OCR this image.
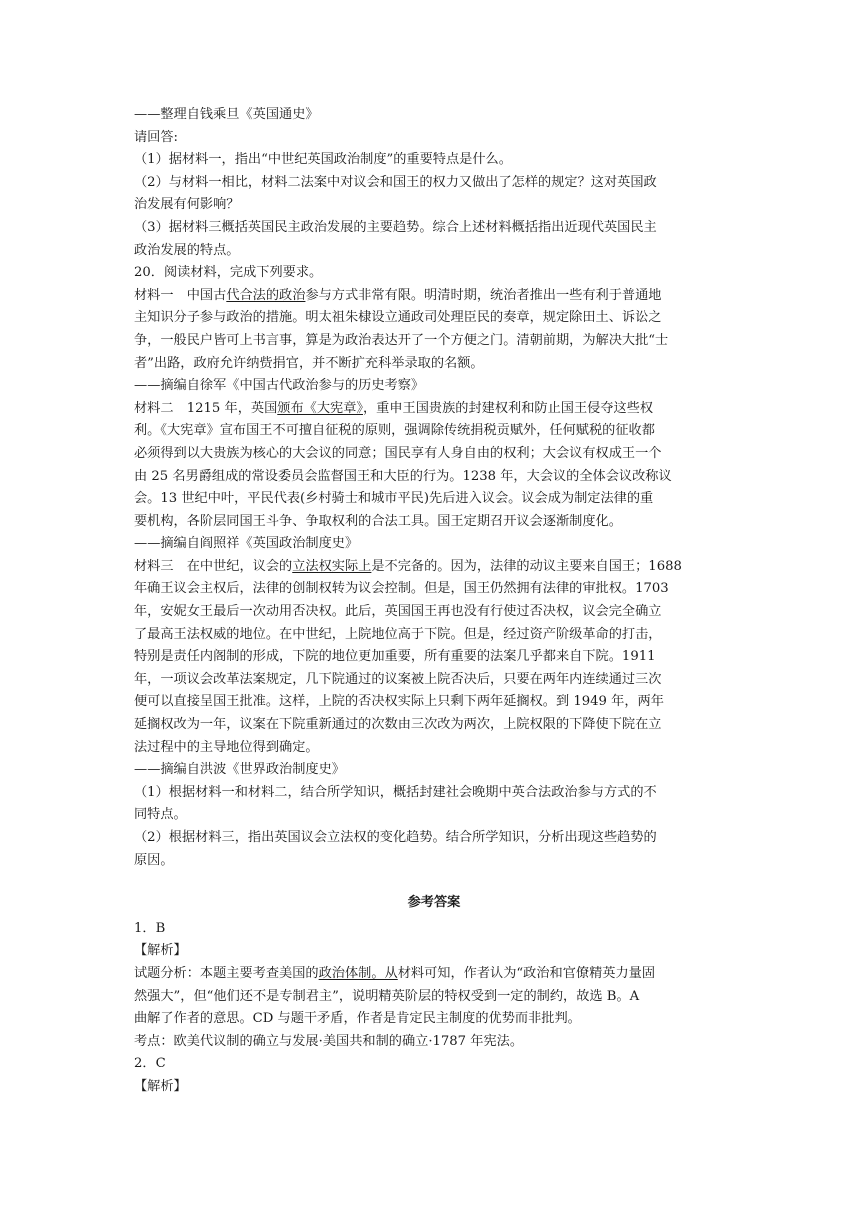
——整理自钱乘旦《英国通史》
请回答:
（1）据材料一，指出“中世纪英国政治制度”的重要特点是什么。
（2）与材料一相比，材料二法案中对议会和国王的权力又做出了怎样的规定？这对英国政
治发展有何影响？
（3）据材料三概括英国民主政治发展的主要趋势。综合上述材料概括指出近现代英国民主
政治发展的特点。
20．阅读材料，完成下列要求。
材料一　中国古代合法的政治参与方式非常有限。明清时期，统治者推出一些有利于普通地
主知识分子参与政治的措施。明太祖朱棣设立通政司处理臣民的奏章，规定除田土、诉讼之
争，一般民户皆可上书言事，算是为政治表达开了一个方便之门。清朝前期，为解决大批“士
者”出路，政府允许纳赀捐官，并不断扩充科举录取的名额。
——摘编自徐军《中国古代政治参与的历史考察》
材料二　1215 年，英国颁布《大宪章》，重申王国贵族的封建权利和防止国王侵夺这些权
利。《大宪章》宣布国王不可擅自征税的原则，强调除传统捐税贡赋外，任何赋税的征收都
必须得到以大贵族为核心的大会议的同意；国民享有人身自由的权利；大会议有权成王一个
由 25 名男爵组成的常设委员会监督国王和大臣的行为。1238 年，大会议的全体会议改称议
会。13 世纪中叶，平民代表(乡村骑士和城市平民)先后进入议会。议会成为制定法律的重
要机构，各阶层同国王斗争、争取权利的合法工具。国王定期召开议会逐渐制度化。
——摘编自阎照祥《英国政治制度史》
材料三　在中世纪，议会的立法权实际上是不完备的。因为，法律的动议主要来自国王；1688
年确王议会主权后，法律的创制权转为议会控制。但是，国王仍然拥有法律的审批权。1703
年，安妮女王最后一次动用否决权。此后，英国国王再也没有行使过否决权，议会完全确立
了最高王法权威的地位。在中世纪，上院地位高于下院。但是，经过资产阶级革命的打击，
特别是责任内阁制的形成，下院的地位更加重要，所有重要的法案几乎都来自下院。1911
年，一项议会改革法案规定，几下院通过的议案被上院否决后，只要在两年内连续通过三次
便可以直接呈国王批准。这样，上院的否决权实际上只剩下两年延搁权。到 1949 年，两年
延搁权改为一年，议案在下院重新通过的次数由三次改为两次，上院权限的下降使下院在立
法过程中的主导地位得到确定。
——摘编自洪波《世界政治制度史》
（1）根据材料一和材料二，结合所学知识，概括封建社会晚期中英合法政治参与方式的不
同特点。
（2）根据材料三，指出英国议会立法权的变化趋势。结合所学知识，分析出现这些趋势的
原因。
参考答案
1．B
【解析】
试题分析：本题主要考查美国的政治体制。从材料可知，作者认为“政治和官僚精英力量固
然强大”，但“他们还不是专制君主”，说明精英阶层的特权受到一定的制约，故选 B。A
曲解了作者的意思。CD 与题干矛盾，作者是肯定民主制度的优势而非批判。
考点：欧美代议制的确立与发展·美国共和制的确立·1787 年宪法。
2．C
【解析】
